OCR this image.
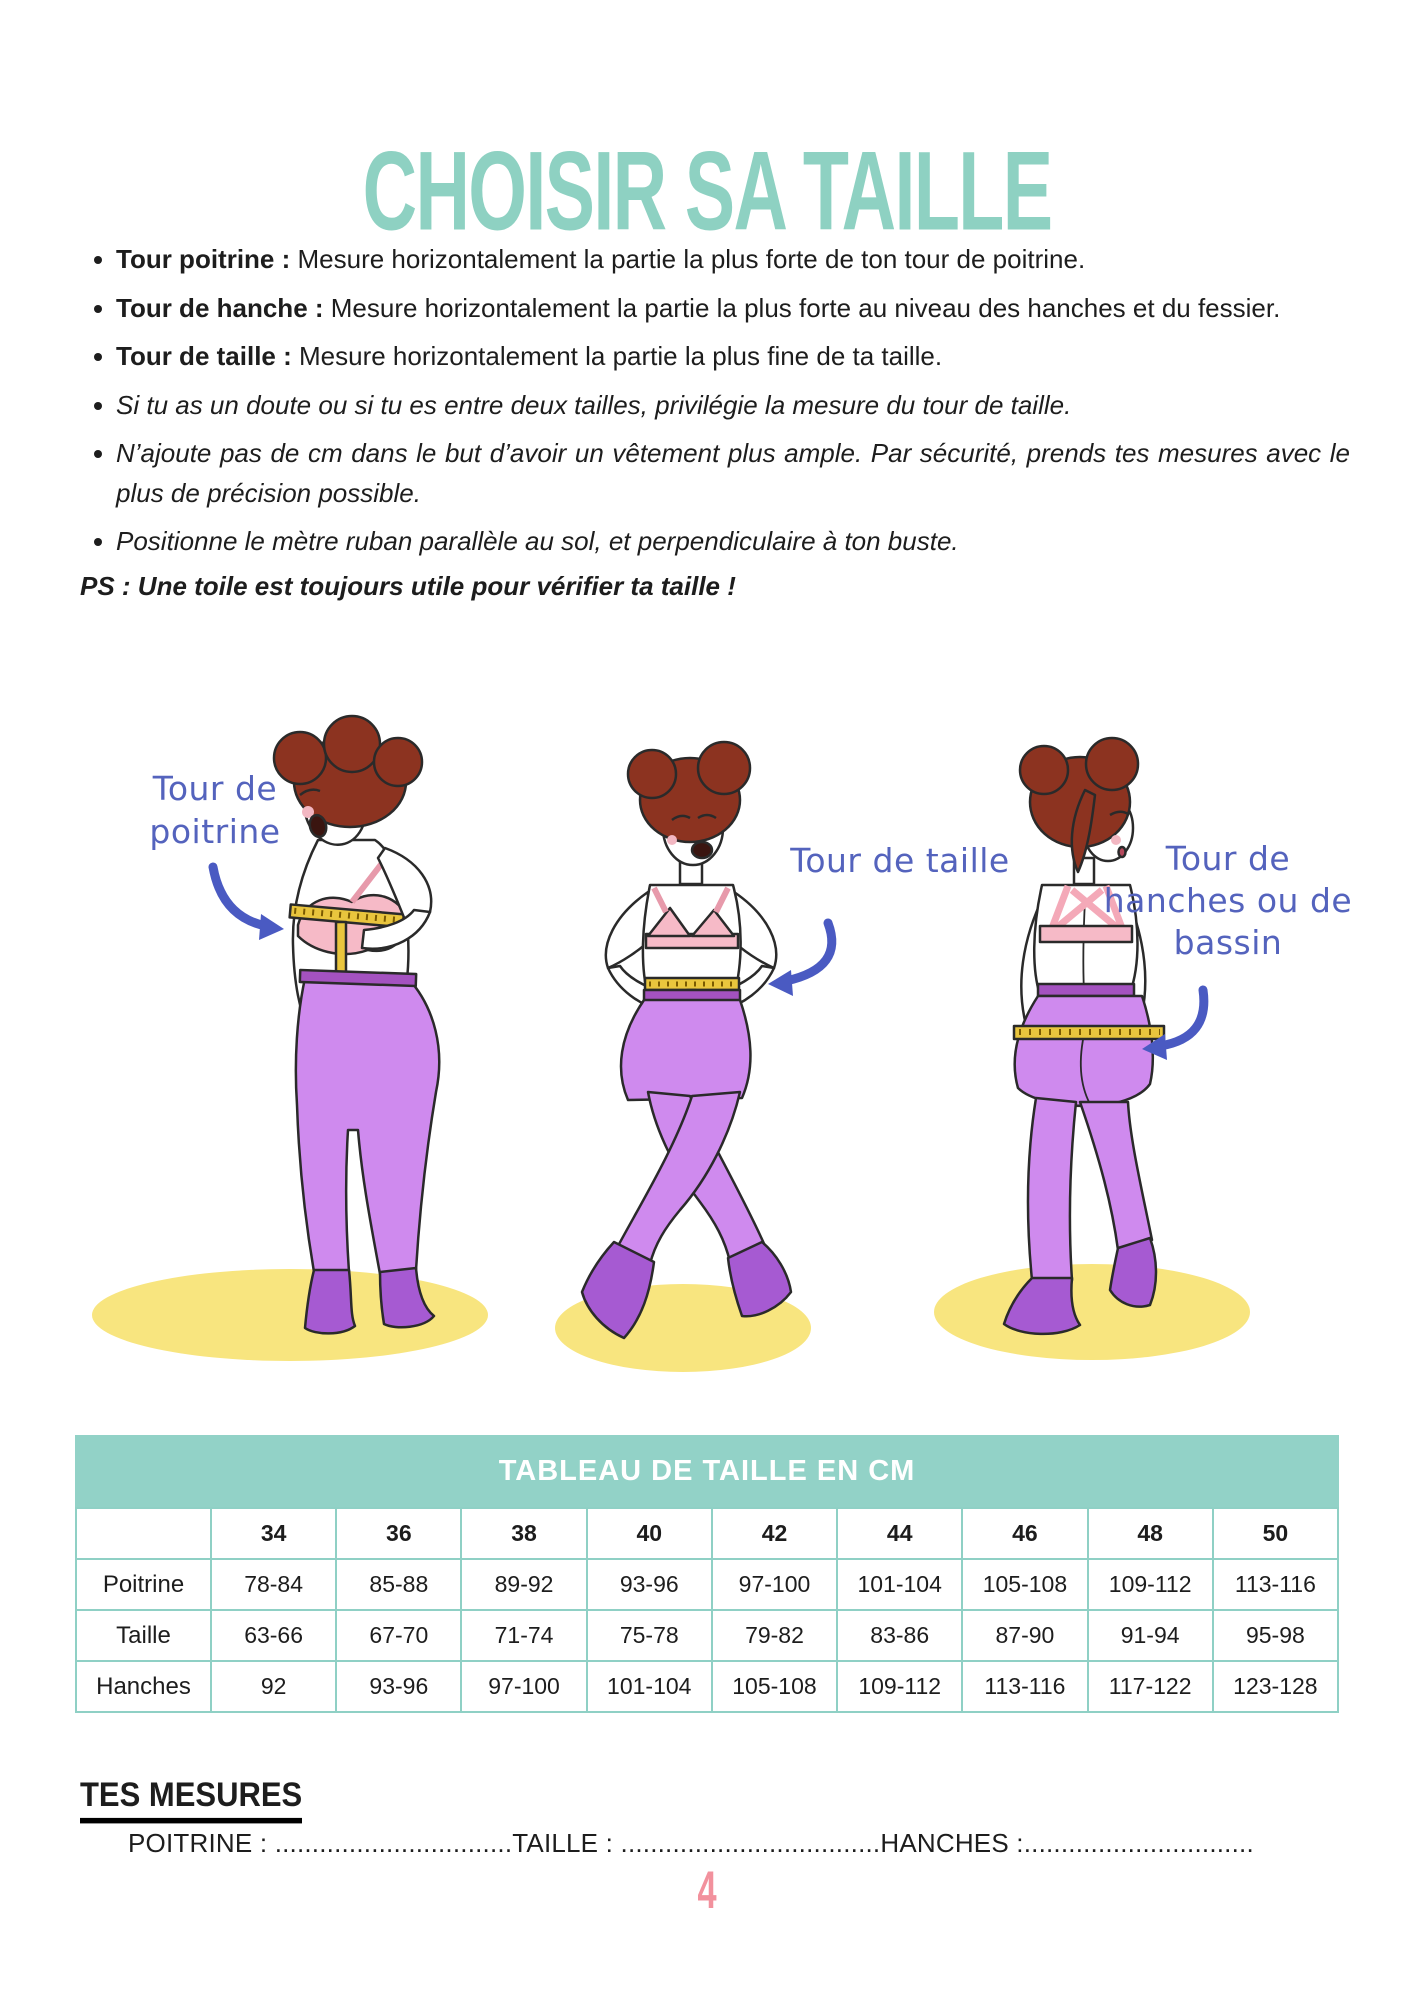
CHOISIR SA TAILLE
Tour poitrine : Mesure horizontalement la partie la plus forte de ton tour de poitrine.
Tour de hanche : Mesure horizontalement la partie la plus forte au niveau des hanches et du fessier.
Tour de taille : Mesure horizontalement la partie la plus fine de ta taille.
Si tu as un doute ou si tu es entre deux tailles, privilégie la mesure du tour de taille.
N’ajoute pas de cm dans le but d’avoir un vêtement plus ample. Par sécurité, prends tes mesures avec le plus de précision possible.
Positionne le mètre ruban parallèle au sol, et perpendiculaire à ton buste.
PS : Une toile est toujours utile pour vérifier ta taille !
Tour de
poitrine
Tour de taille	Tour de
hanches ou de
bassin
TABLEAU DE TAILLE EN CM
	34	36	38	40	42	44	46	48	50
Poitrine	78-84	85-88	89-92	93-96	97-100	101-104	105-108	109-112	113-116
Taille	63-66	67-70	71-74	75-78	79-82	83-86	87-90	91-94	95-98
Hanches	92	93-96	97-100	101-104	105-108	109-112	113-116	117-122	123-128
TES MESURES
POITRINE : ................................TAILLE : ...................................HANCHES :...............................
4
